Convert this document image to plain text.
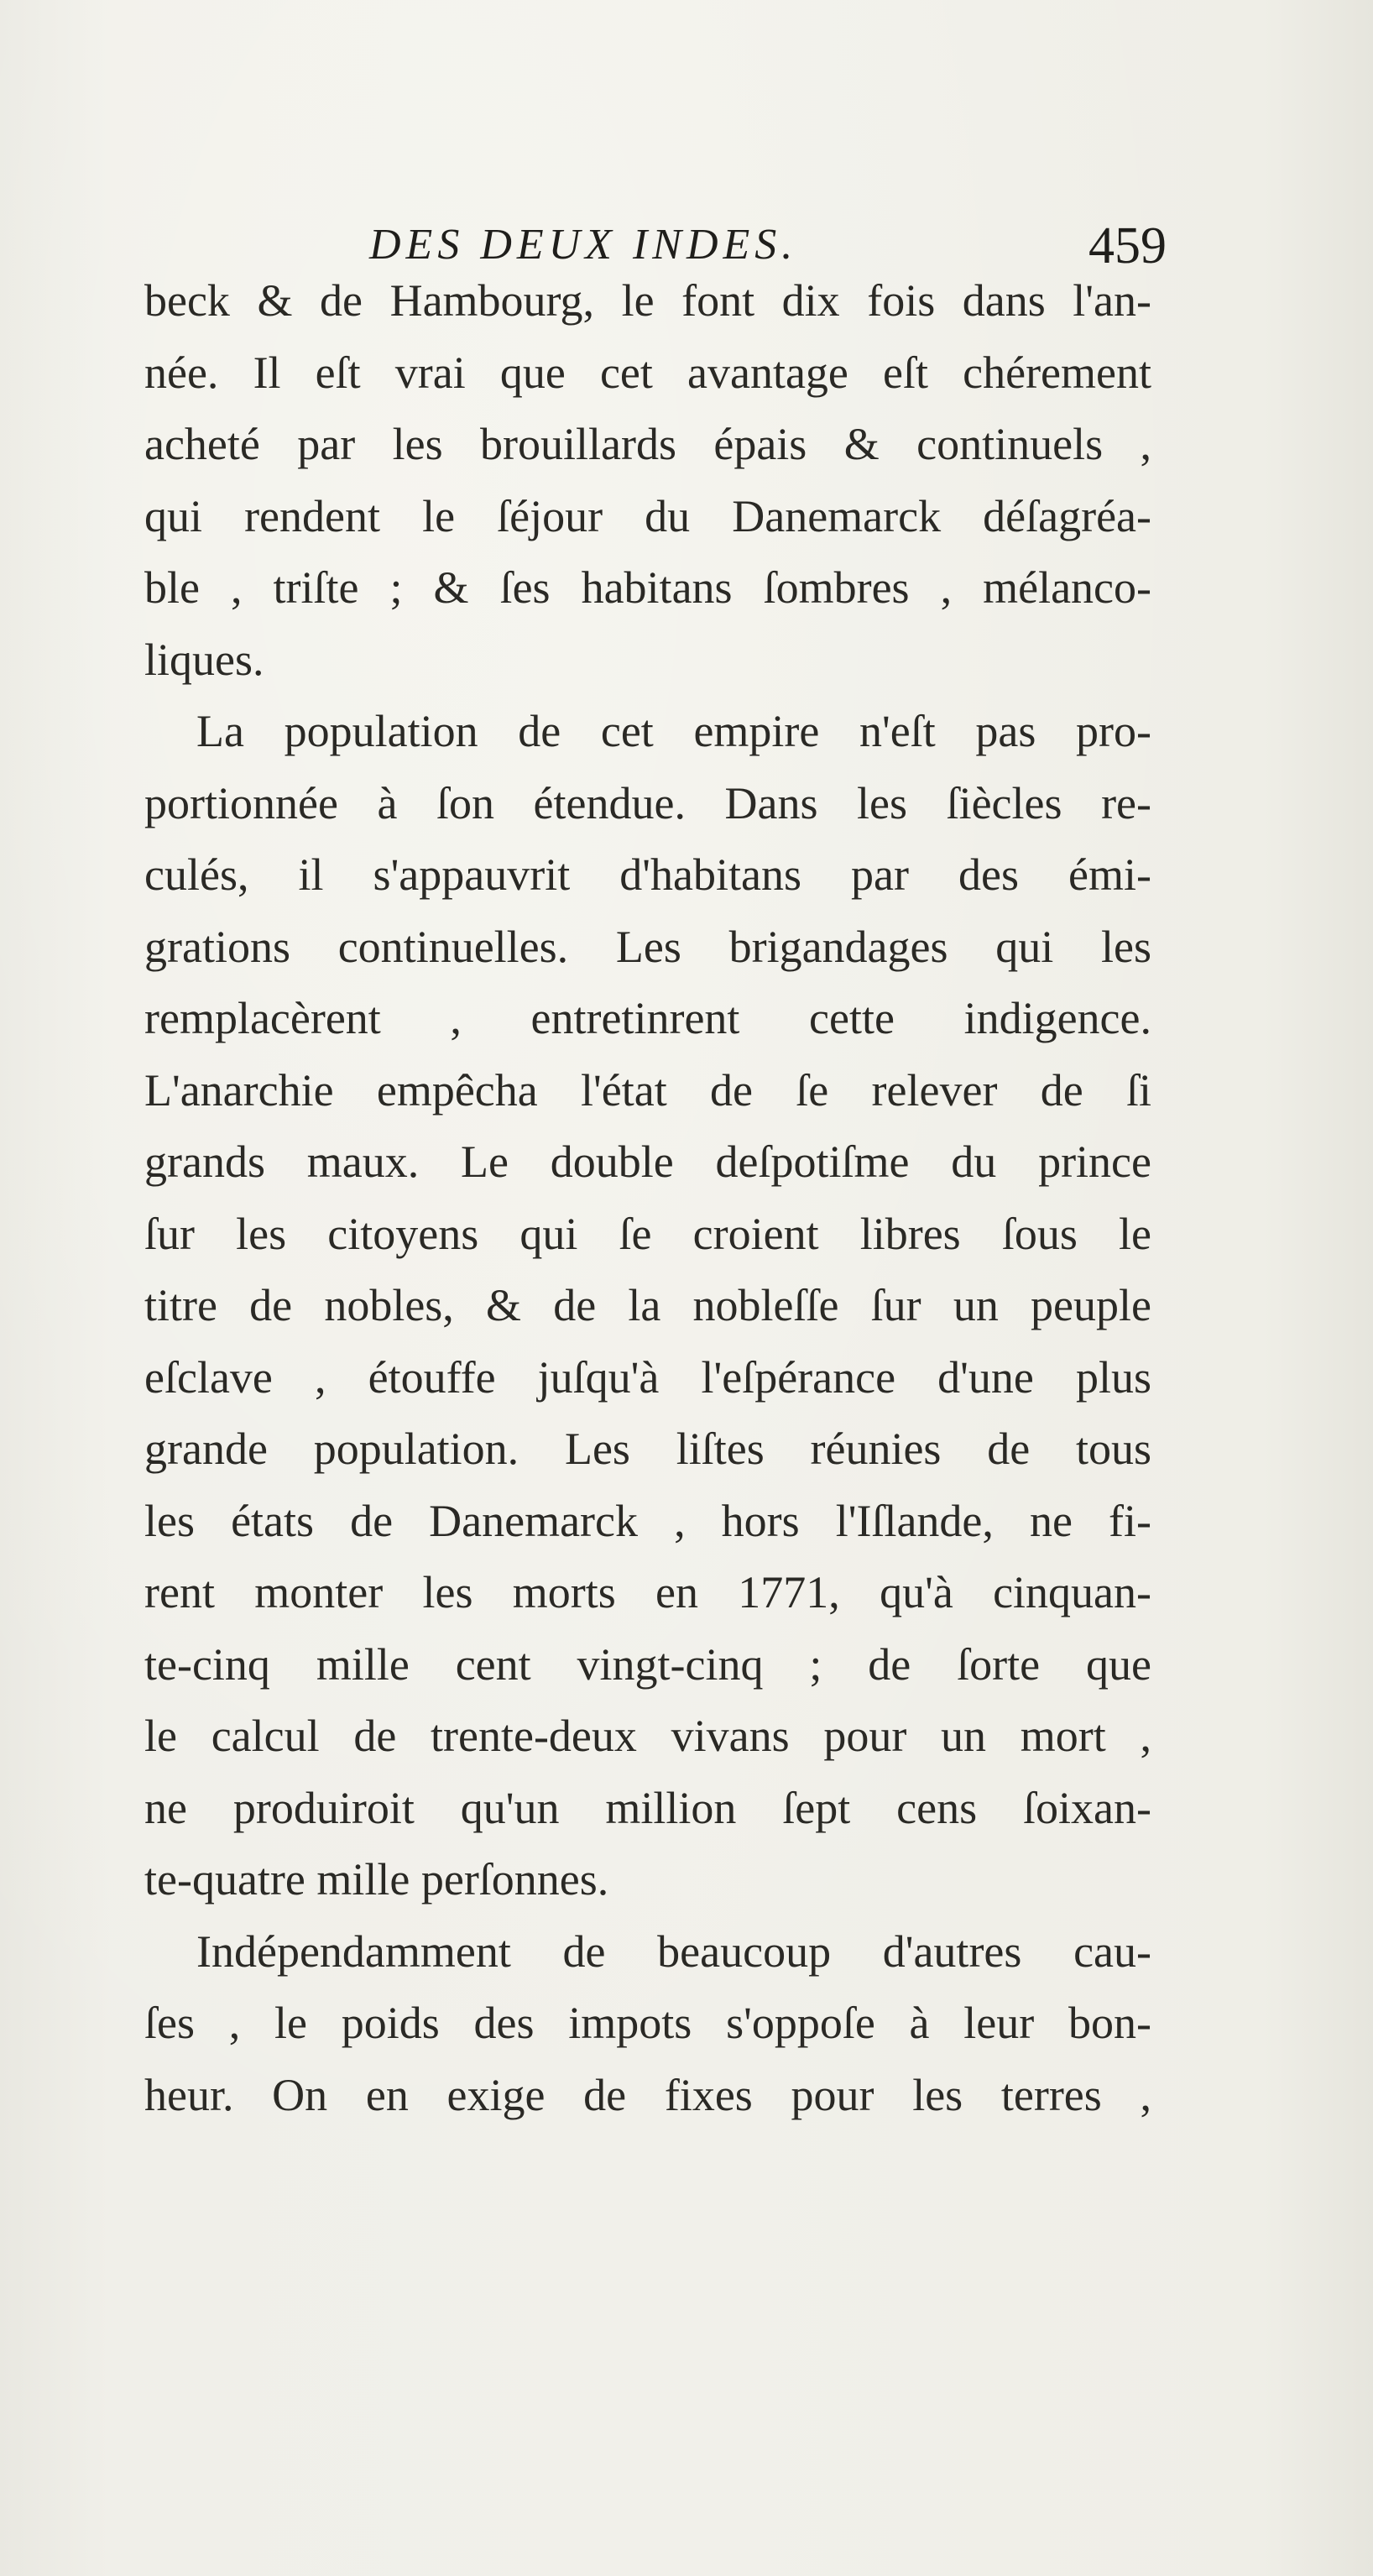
DES DEUX INDES.	459
beck & de Hambourg, le font dix fois dans l'an-
née. Il eſt vrai que cet avantage eſt chérement
acheté par les brouillards épais & continuels ,
qui rendent le ſéjour du Danemarck déſagréa-
ble , triſte ; & ſes habitans ſombres , mélanco-
liques.
La population de cet empire n'eſt pas pro-
portionnée à ſon étendue. Dans les ſiècles re-
culés, il s'appauvrit d'habitans par des émi-
grations continuelles. Les brigandages qui les
remplacèrent , entretinrent cette indigence.
L'anarchie empêcha l'état de ſe relever de ſi
grands maux. Le double deſpotiſme du prince
ſur les citoyens qui ſe croient libres ſous le
titre de nobles, & de la nobleſſe ſur un peuple
eſclave , étouffe juſqu'à l'eſpérance d'une plus
grande population. Les liſtes réunies de tous
les états de Danemarck , hors l'Iſlande, ne fi-
rent monter les morts en 1771, qu'à cinquan-
te-cinq mille cent vingt-cinq ; de ſorte que
le calcul de trente-deux vivans pour un mort ,
ne produiroit qu'un million ſept cens ſoixan-
te-quatre mille perſonnes.
Indépendamment de beaucoup d'autres cau-
ſes , le poids des impots s'oppoſe à leur bon-
heur. On en exige de fixes pour les terres ,
